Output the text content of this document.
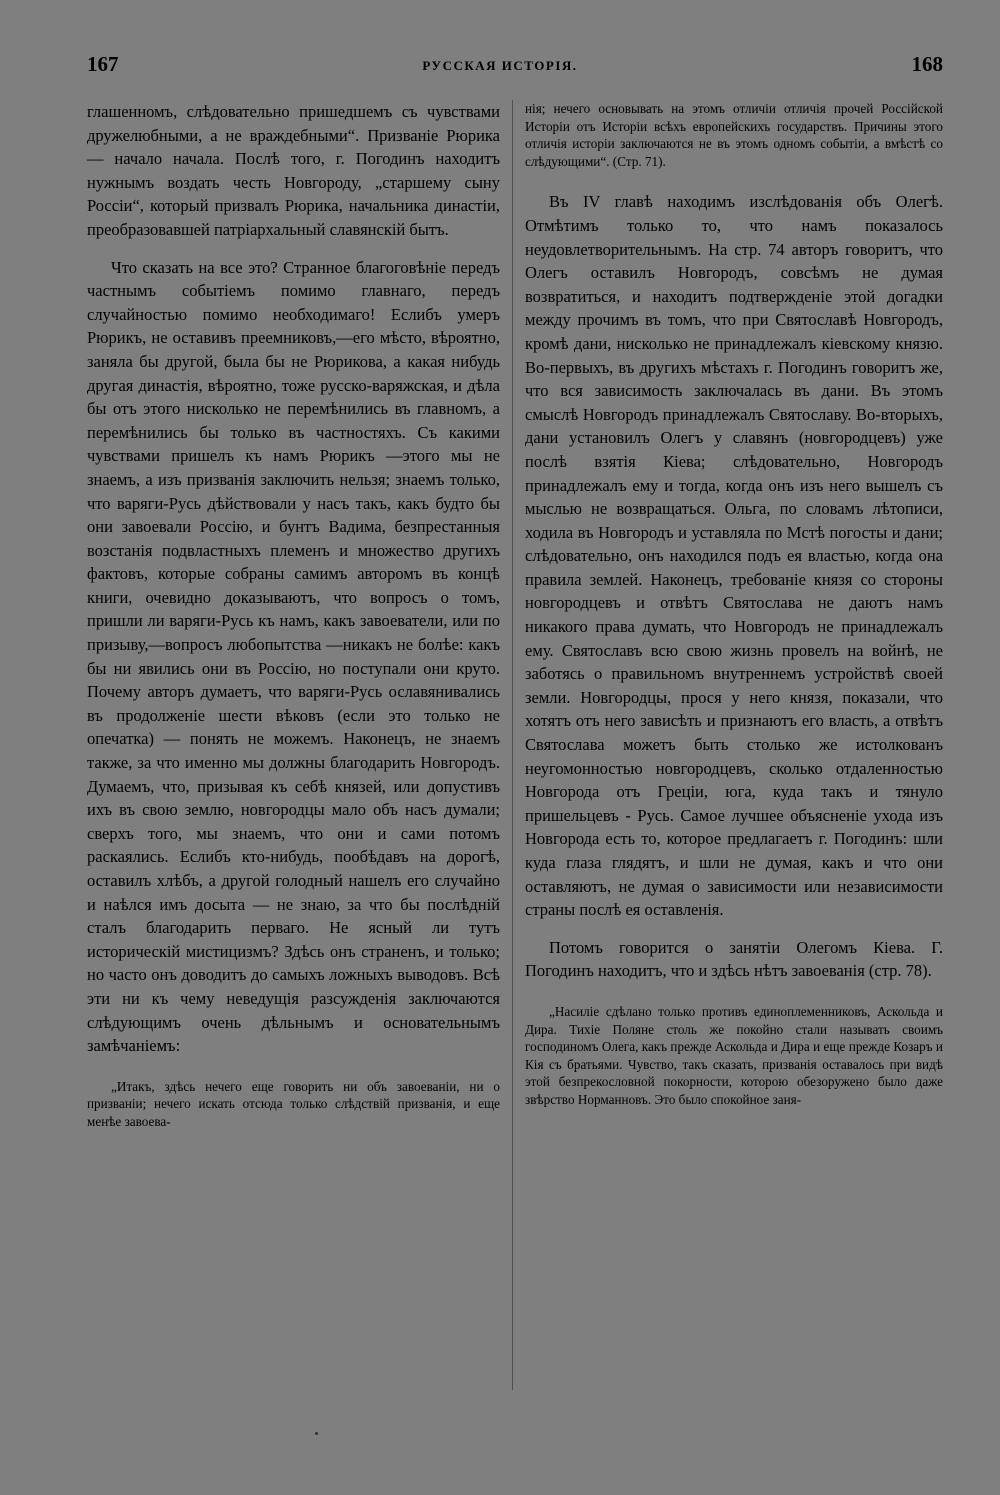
167	РУССКАЯ ИСТОРІЯ.	168

глашенномъ, слѣдовательно пришедшемъ съ чувствами дружелюбными, а не враждебными“. Призваніе Рюрика — начало начала. Послѣ того, г. Погодинъ находитъ нужнымъ воздать честь Новгороду, „старшему сыну Россіи“, который призвалъ Рюрика, начальника династіи, преобразовавшей патріархальный славянскій бытъ.

Что сказать на все это? Странное благоговѣніе передъ частнымъ событіемъ помимо главнаго, передъ случайностью помимо необходимаго! Еслибъ умеръ Рюрикъ, не оставивъ преемниковъ,—его мѣсто, вѣроятно, заняла бы другой, была бы не Рюрикова, а какая нибудь другая династія, вѣроятно, тоже русско-варяжская, и дѣла бы отъ этого нисколько не перемѣнились въ главномъ, а перемѣнились бы только въ частностяхъ. Съ какими чувствами пришелъ къ намъ Рюрикъ —этого мы не знаемъ, а изъ призванія заключить нельзя; знаемъ только, что варяги-Русь дѣйствовали у насъ такъ, какъ будто бы они завоевали Россію, и бунтъ Вадима, безпрестанныя возстанія подвластныхъ племенъ и множество другихъ фактовъ, которые собраны самимъ авторомъ въ концѣ книги, очевидно доказываютъ, что вопросъ о томъ, пришли ли варяги-Русь къ намъ, какъ завоеватели, или по призыву,—вопросъ любопытства —никакъ не болѣе: какъ бы ни явились они въ Россію, но поступали они круто. Почему авторъ думаетъ, что варяги-Русь ославянивались въ продолженіе шести вѣковъ (если это только не опечатка) — понять не можемъ. Наконецъ, не знаемъ также, за что именно мы должны благодарить Новгородъ. Думаемъ, что, призывая къ себѣ князей, или допустивъ ихъ въ свою землю, новгородцы мало объ насъ думали; сверхъ того, мы знаемъ, что они и сами потомъ раскаялись. Еслибъ кто-нибудь, пообѣдавъ на дорогѣ, оставилъ хлѣбъ, а другой голодный нашелъ его случайно и наѣлся имъ досыта — не знаю, за что бы послѣдній сталъ благодарить перваго. Не ясный ли тутъ историческій мистицизмъ? Здѣсь онъ страненъ, и только; но часто онъ доводитъ до самыхъ ложныхъ выводовъ. Всѣ эти ни къ чему неведущія разсужденія заключаются слѣдующимъ очень дѣльнымъ и основательнымъ замѣчаніемъ:

„Итакъ, здѣсь нечего еще говорить ни объ завоеваніи, ни о призваніи; нечего искать отсюда только слѣдствій призванія, и еще менѣе завоева-

нія; нечего основывать на этомъ отличіи отличія прочей Россійской Исторіи отъ Исторіи всѣхъ европейскихъ государствъ. Причины этого отличія исторіи заключаются не въ этомъ одномъ событіи, а вмѣстѣ со слѣдующими“. (Стр. 71).

Въ IV главѣ находимъ изслѣдованія объ Олегѣ. Отмѣтимъ только то, что намъ показалось неудовлетворительнымъ. На стр. 74 авторъ говоритъ, что Олегъ оставилъ Новгородъ, совсѣмъ не думая возвратиться, и находитъ подтвержденіе этой догадки между прочимъ въ томъ, что при Святославѣ Новгородъ, кромѣ дани, нисколько не принадлежалъ кіевскому князю. Во-первыхъ, въ другихъ мѣстахъ г. Погодинъ говоритъ же, что вся зависимость заключалась въ дани. Въ этомъ смыслѣ Новгородъ принадлежалъ Святославу. Во-вторыхъ, дани установилъ Олегъ у славянъ (новгородцевъ) уже послѣ взятія Кіева; слѣдовательно, Новгородъ принадлежалъ ему и тогда, когда онъ изъ него вышелъ съ мыслью не возвращаться. Ольга, по словамъ лѣтописи, ходила въ Новгородъ и уставляла по Мстѣ погосты и дани; слѣдовательно, онъ находился подъ ея властью, когда она правила землей. Наконецъ, требованіе князя со стороны новгородцевъ и отвѣтъ Святослава не даютъ намъ никакого права думать, что Новгородъ не принадлежалъ ему. Святославъ всю свою жизнь провелъ на войнѣ, не заботясь о правильномъ внутреннемъ устройствѣ своей земли. Новгородцы, прося у него князя, показали, что хотятъ отъ него зависѣть и признаютъ его власть, а отвѣтъ Святослава можетъ быть столько же истолкованъ неугомонностью новгородцевъ, сколько отдаленностью Новгорода отъ Греціи, юга, куда такъ и тянуло пришельцевъ - Русь. Самое лучшее объясненіе ухода изъ Новгорода есть то, которое предлагаетъ г. Погодинъ: шли куда глаза глядятъ, и шли не думая, какъ и что они оставляютъ, не думая о зависимости или независимости страны послѣ ея оставленія.

Потомъ говорится о занятіи Олегомъ Кіева. Г. Погодинъ находитъ, что и здѣсь нѣтъ завоеванія (стр. 78).

„Насиліе сдѣлано только противъ единоплеменниковъ, Аскольда и Дира. Тихіе Поляне столь же покойно стали называть своимъ господиномъ Олега, какъ прежде Аскольда и Дира и еще прежде Козаръ и Кія съ братьями. Чувство, такъ сказать, призванія оставалось при видѣ этой безпрекословной покорности, которою обезоружено было даже звѣрство Норманновъ. Это было спокойное заня-
